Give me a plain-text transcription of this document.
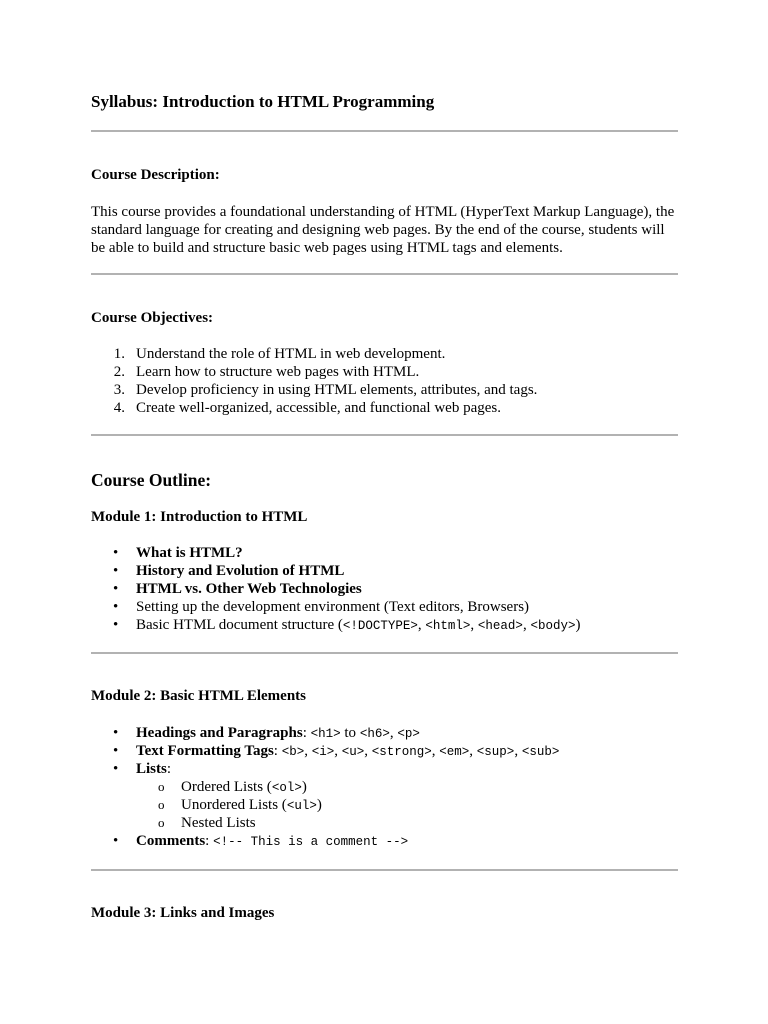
Syllabus: Introduction to HTML Programming

Course Description:

This course provides a foundational understanding of HTML (HyperText Markup Language), the standard language for creating and designing web pages. By the end of the course, students will be able to build and structure basic web pages using HTML tags and elements.

Course Objectives:

1. Understand the role of HTML in web development.
2. Learn how to structure web pages with HTML.
3. Develop proficiency in using HTML elements, attributes, and tags.
4. Create well-organized, accessible, and functional web pages.

Course Outline:

Module 1: Introduction to HTML

• What is HTML?
• History and Evolution of HTML
• HTML vs. Other Web Technologies
• Setting up the development environment (Text editors, Browsers)
• Basic HTML document structure (<!DOCTYPE>, <html>, <head>, <body>)

Module 2: Basic HTML Elements

• Headings and Paragraphs: <h1> to <h6>, <p>
• Text Formatting Tags: <b>, <i>, <u>, <strong>, <em>, <sup>, <sub>
• Lists:
o Ordered Lists (<ol>)
o Unordered Lists (<ul>)
o Nested Lists
• Comments: <!-- This is a comment -->

Module 3: Links and Images
